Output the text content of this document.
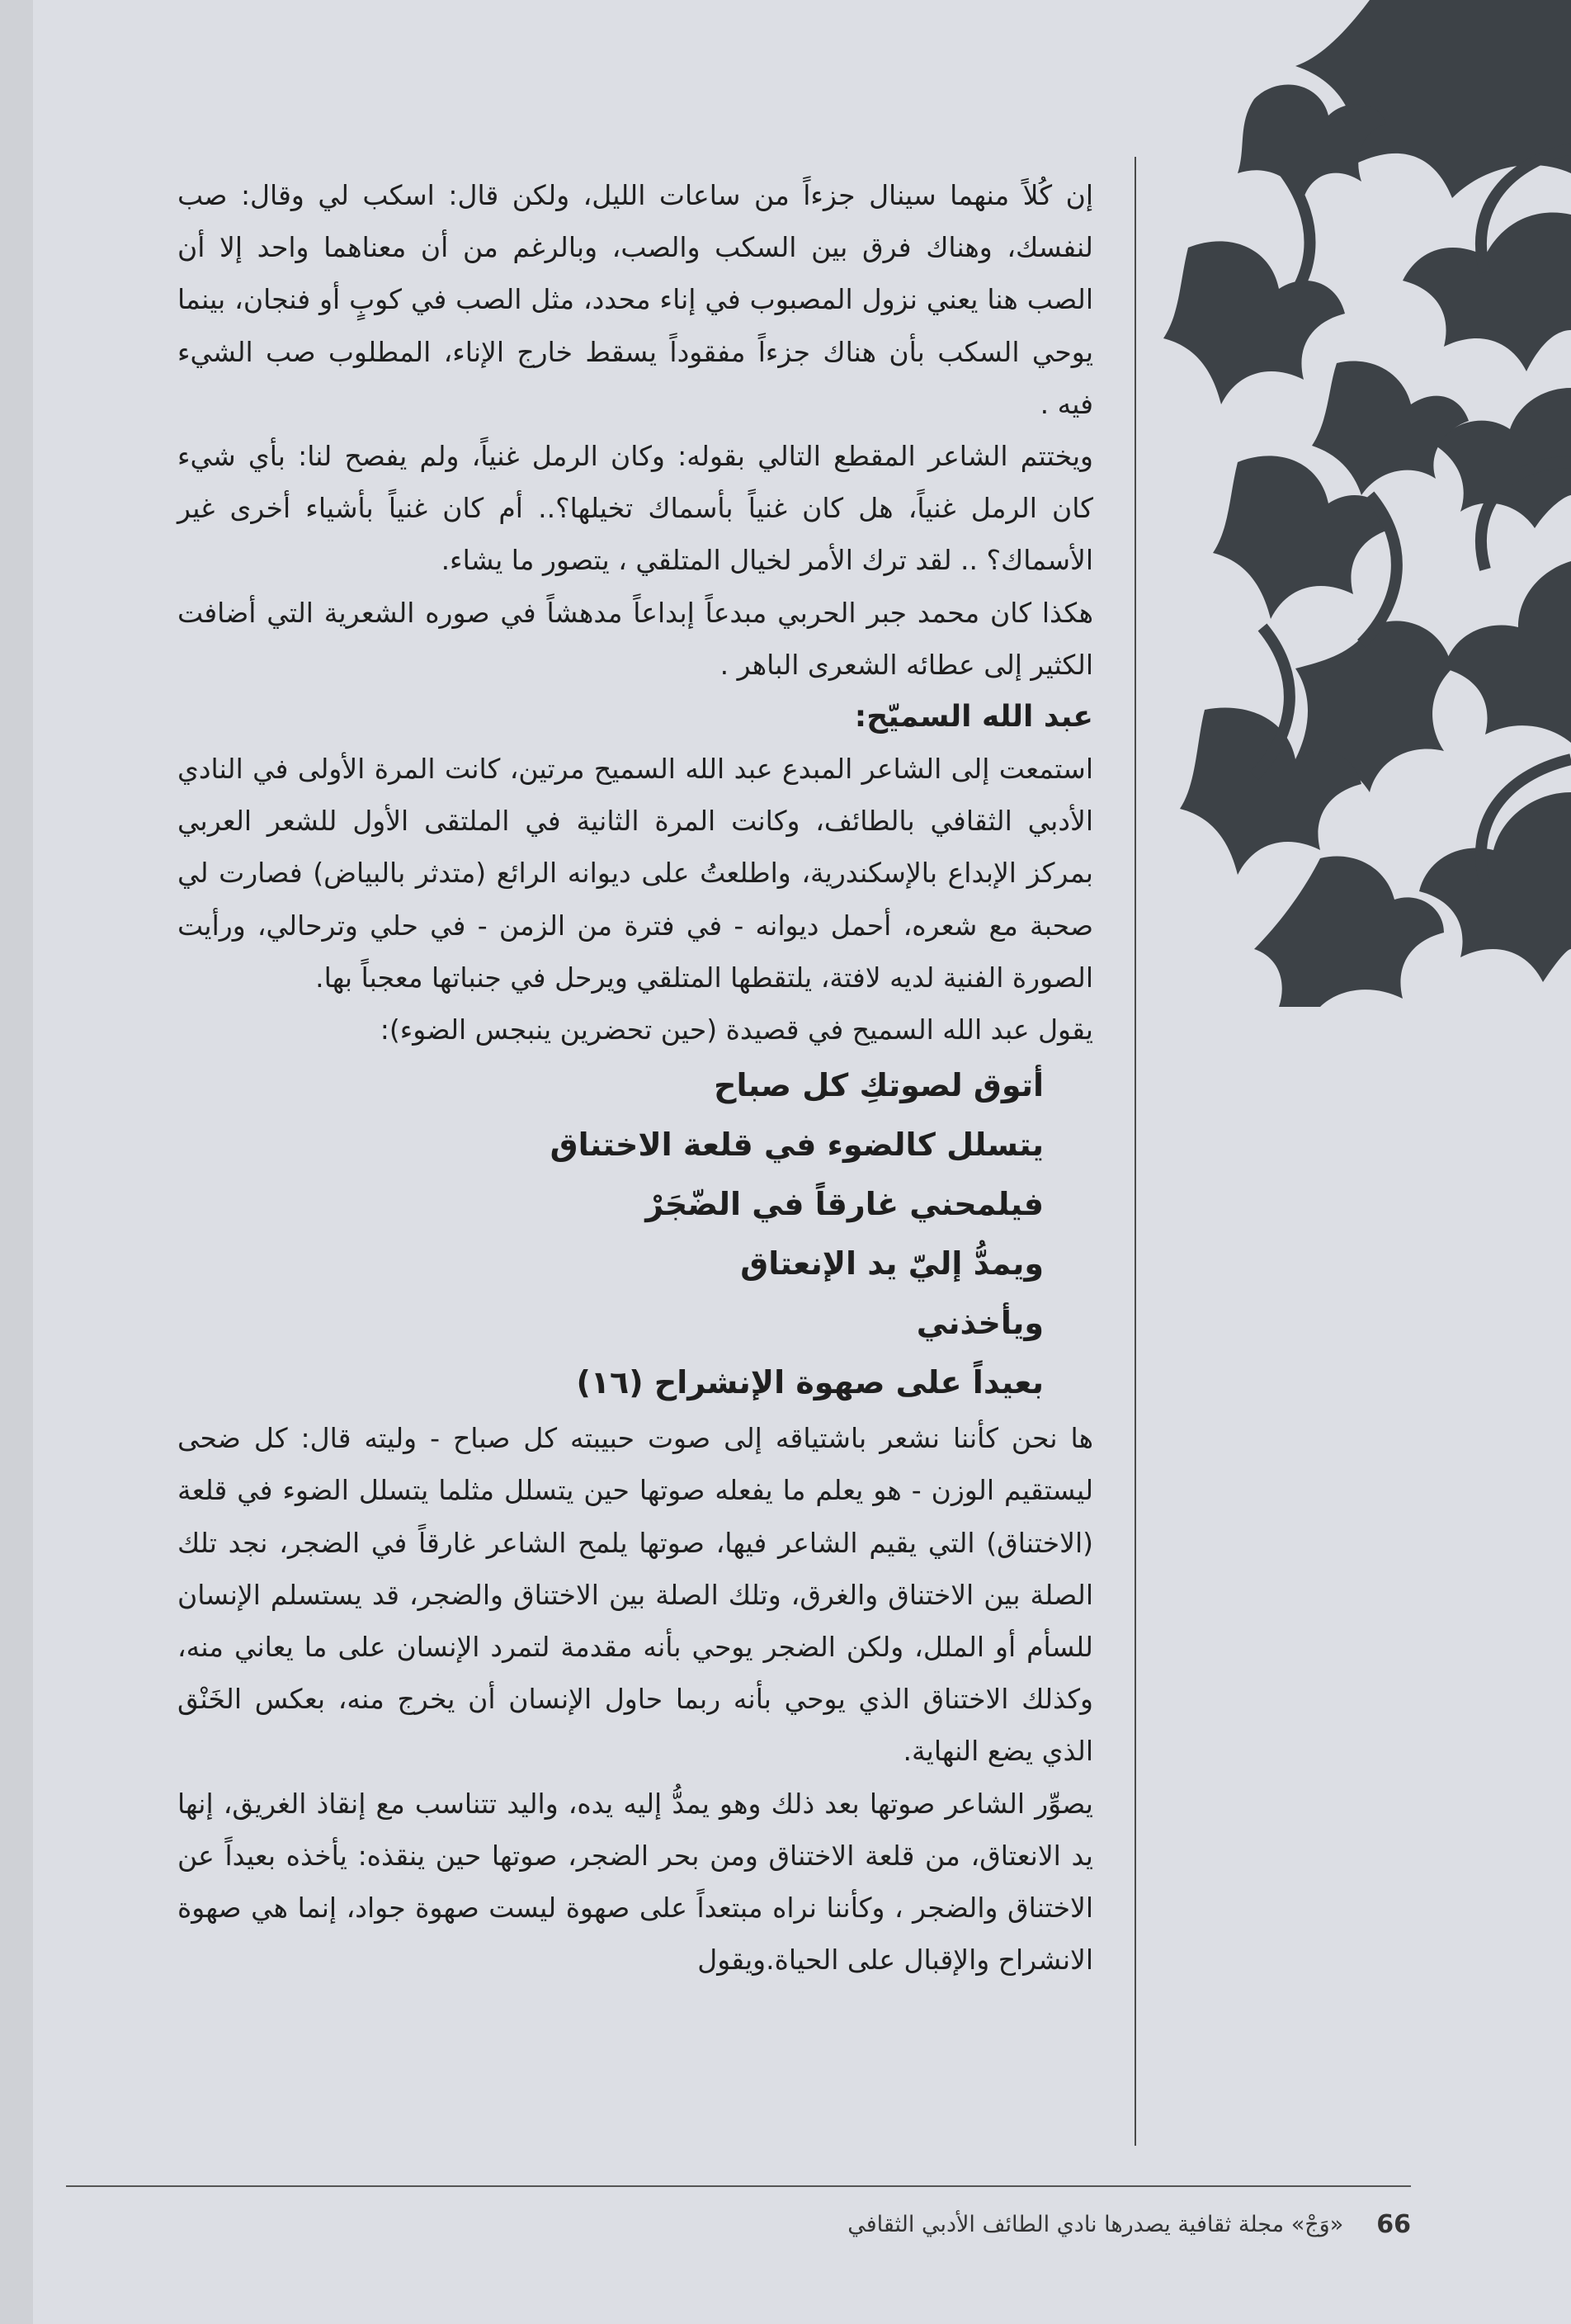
إن كُلاً منهما سينال جزءاً من ساعات الليل، ولكن قال: اسكب لي وقال: صب لنفسك، وهناك فرق بين السكب والصب، وبالرغم من أن معناهما واحد إلا أن الصب هنا يعني نزول المصبوب في إناء محدد، مثل الصب في كوبٍ أو فنجان، بينما يوحي السكب بأن هناك جزءاً مفقوداً يسقط خارج الإناء، المطلوب صب الشيء فيه .

ويختتم الشاعر المقطع التالي بقوله: وكان الرمل غنياً، ولم يفصح لنا: بأي شيء كان الرمل غنياً، هل كان غنياً بأسماك تخيلها؟.. أم كان غنياً بأشياء أخرى غير الأسماك؟ .. لقد ترك الأمر لخيال المتلقي ، يتصور ما يشاء.

هكذا كان محمد جبر الحربي مبدعاً إبداعاً مدهشاً في صوره الشعرية التي أضافت الكثير إلى عطائه الشعرى الباهر .

عبد الله السميّح:

استمعت إلى الشاعر المبدع عبد الله السميح مرتين، كانت المرة الأولى في النادي الأدبي الثقافي بالطائف، وكانت المرة الثانية في الملتقى الأول للشعر العربي بمركز الإبداع بالإسكندرية، واطلعتُ على ديوانه الرائع (متدثر بالبياض) فصارت لي صحبة مع شعره، أحمل ديوانه - في فترة من الزمن - في حلي وترحالي، ورأيت الصورة الفنية لديه لافتة، يلتقطها المتلقي ويرحل في جنباتها معجباً بها.

يقول عبد الله السميح في قصيدة (حين تحضرين ينبجس الضوء):

أتوق لصوتكِ كل صباح
يتسلل كالضوء في قلعة الاختناق
فيلمحني غارقاً في الضّجَرْ
ويمدُّ إليّ يد الإنعتاق
ويأخذني
بعيداً على صهوة الإنشراح (١٦)

ها نحن كأننا نشعر باشتياقه إلى صوت حبيبته كل صباح - وليته قال: كل ضحى ليستقيم الوزن - هو يعلم ما يفعله صوتها حين يتسلل مثلما يتسلل الضوء في قلعة (الاختناق) التي يقيم الشاعر فيها، صوتها يلمح الشاعر غارقاً في الضجر، نجد تلك الصلة بين الاختناق والغرق، وتلك الصلة بين الاختناق والضجر، قد يستسلم الإنسان للسأم أو الملل، ولكن الضجر يوحي بأنه مقدمة لتمرد الإنسان على ما يعاني منه، وكذلك الاختناق الذي يوحي بأنه ربما حاول الإنسان أن يخرج منه، بعكس الخَنْق الذي يضع النهاية.

يصوِّر الشاعر صوتها بعد ذلك وهو يمدُّ إليه يده، واليد تتناسب مع إنقاذ الغريق، إنها يد الانعتاق، من قلعة الاختناق ومن بحر الضجر، صوتها حين ينقذه: يأخذه بعيداً عن الاختناق والضجر ، وكأننا نراه مبتعداً على صهوة ليست صهوة جواد، إنما هي صهوة الانشراح والإقبال على الحياة.ويقول

66
«وَجْ» مجلة ثقافية يصدرها نادي الطائف الأدبي الثقافي
